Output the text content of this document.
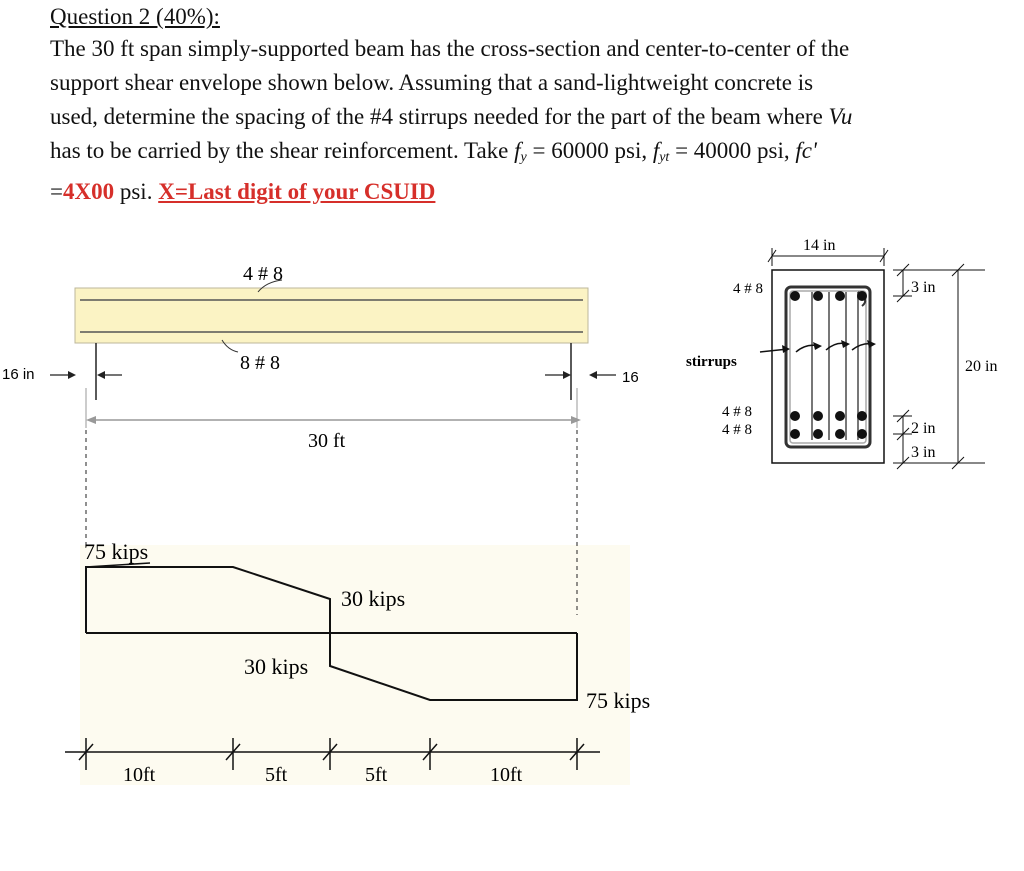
Question 2 (40%):
The 30 ft span simply-supported beam has the cross-section and center-to-center of the
support shear envelope shown below. Assuming that a sand-lightweight concrete is
used, determine the spacing of the #4 stirrups needed for the part of the beam where Vu
has to be carried by the shear reinforcement. Take $f_y = 60000$ psi, $f_{yt} = 40000$ psi, fc'
=4X00 psi. X=Last digit of your CSUID
4 # 8
8 # 8
16 in	16
30 ft
75 kips
30 kips
30 kips
75 kips
10ft	5ft	5ft	10ft
14 in
20 in
3 in
2 in
3 in
4 # 8
stirrups
4 # 8
4 # 8
